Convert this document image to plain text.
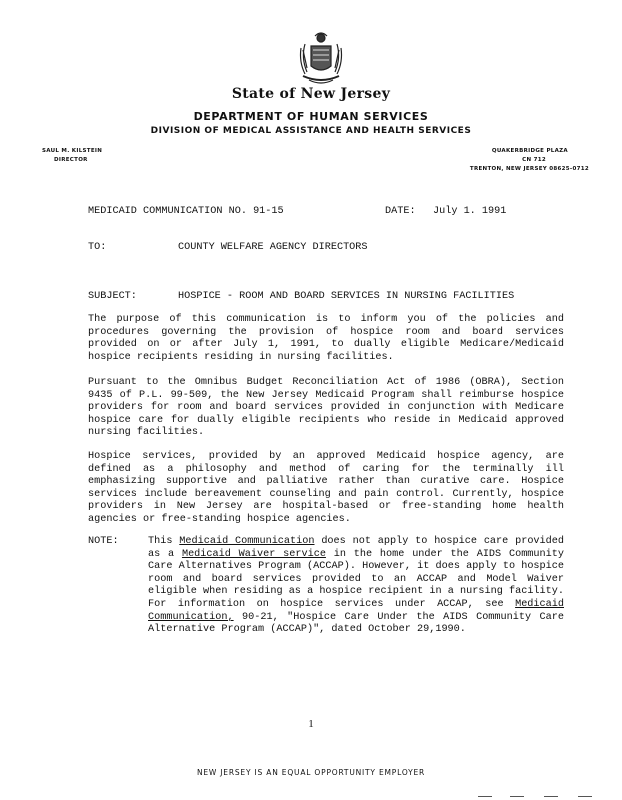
State of New Jersey
DEPARTMENT OF HUMAN SERVICES
DIVISION OF MEDICAL ASSISTANCE AND HEALTH SERVICES
SAUL M. KILSTEIN
DIRECTOR
QUAKERBRIDGE PLAZA
CN 712
TRENTON, NEW JERSEY 08625-0712
MEDICAID COMMUNICATION NO. 91-15	DATE: July 1. 1991
TO:	COUNTY WELFARE AGENCY DIRECTORS
SUBJECT:	HOSPICE - ROOM AND BOARD SERVICES IN NURSING FACILITIES

The purpose of this communication is to inform you of the policies and procedures governing the provision of hospice room and board services provided on or after July 1, 1991, to dually eligible Medicare/Medicaid hospice recipients residing in nursing facilities.

Pursuant to the Omnibus Budget Reconciliation Act of 1986 (OBRA), Section 9435 of P.L. 99-509, the New Jersey Medicaid Program shall reimburse hospice providers for room and board services provided in conjunction with Medicare hospice care for dually eligible recipients who reside in Medicaid approved nursing facilities.

Hospice services, provided by an approved Medicaid hospice agency, are defined as a philosophy and method of caring for the terminally ill emphasizing supportive and palliative rather than curative care. Hospice services include bereavement counseling and pain control. Currently, hospice providers in New Jersey are hospital-based or free-standing home health agencies or free-standing hospice agencies.

NOTE:	This Medicaid Communication does not apply to hospice care provided as a Medicaid Waiver service in the home under the AIDS Community Care Alternatives Program (ACCAP). However, it does apply to hospice room and board services provided to an ACCAP and Model Waiver eligible when residing as a hospice recipient in a nursing facility. For information on hospice services under ACCAP, see Medicaid Communication, 90-21, "Hospice Care Under the AIDS Community Care Alternative Program (ACCAP)", dated October 29,1990.

1
NEW JERSEY IS AN EQUAL OPPORTUNITY EMPLOYER
